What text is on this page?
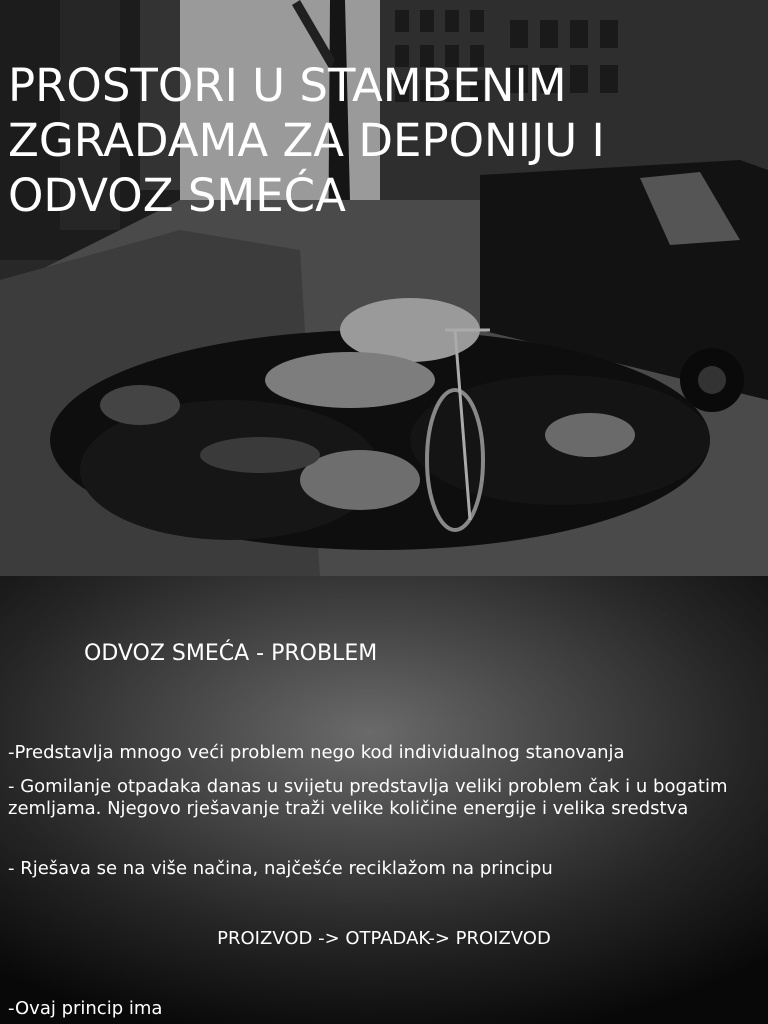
PROSTORI U STAMBENIM ZGRADAMA ZA DEPONIJU I ODVOZ SMEĆA
ODVOZ SMEĆA - PROBLEM

-Predstavlja mnogo veći problem nego kod individualnog stanovanja

- Gomilanje otpadaka danas u svijetu predstavlja veliki problem čak i u bogatim zemljama. Njegovo rješavanje traži velike količine energije i velika sredstva

- Rješava se na više načina, najčešće reciklažom na principu

PROIZVOD -> OTPADAK-> PROIZVOD

-Ovaj princip ima
